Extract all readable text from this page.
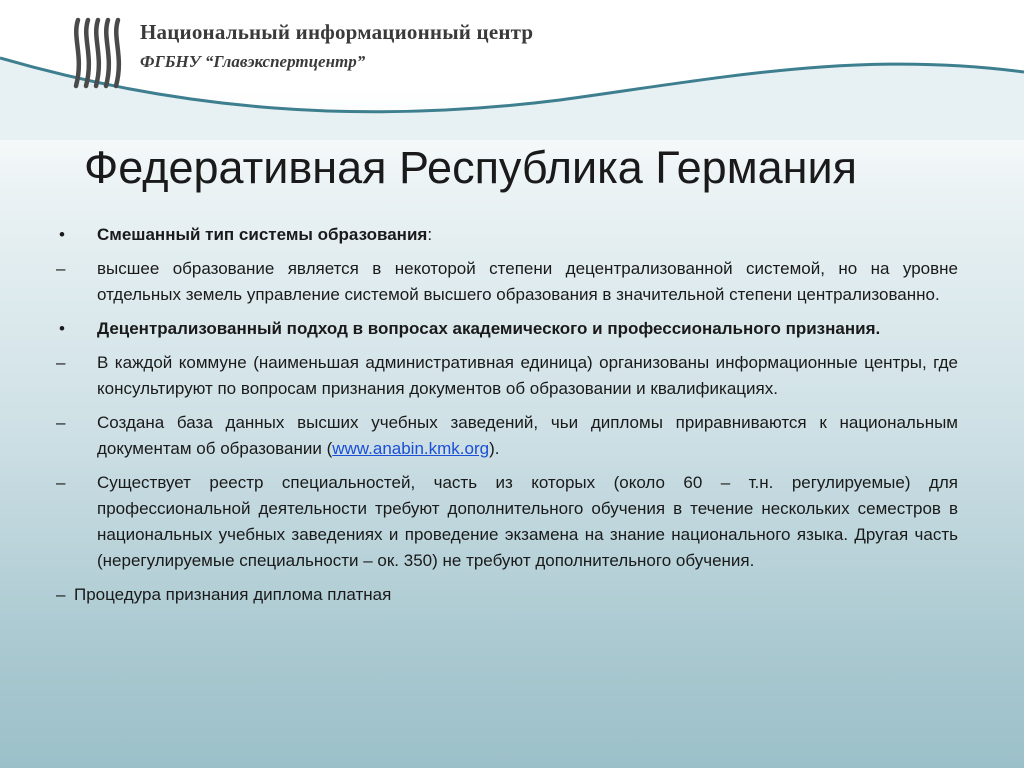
Национальный информационный центр
ФГБНУ “Главэкспертцентр”
Федеративная Республика Германия
• Смешанный тип системы образования:
– высшее образование является в некоторой степени децентрализованной системой, но на уровне отдельных земель управление системой высшего образования в значительной степени централизованно.
• Децентрализованный подход в вопросах академического и профессионального признания.
– В каждой коммуне (наименьшая административная единица) организованы информационные центры, где консультируют по вопросам признания документов об образовании и квалификациях.
– Создана база данных высших учебных заведений, чьи дипломы приравниваются к национальным документам об образовании (www.anabin.kmk.org).
– Существует реестр специальностей, часть из которых (около 60 – т.н. регулируемые) для профессиональной деятельности требуют дополнительного обучения в течение нескольких семестров в национальных учебных заведениях и проведение экзамена на знание национального языка. Другая часть (нерегулируемые специальности – ок. 350) не требуют дополнительного обучения.
– Процедура признания диплома платная
